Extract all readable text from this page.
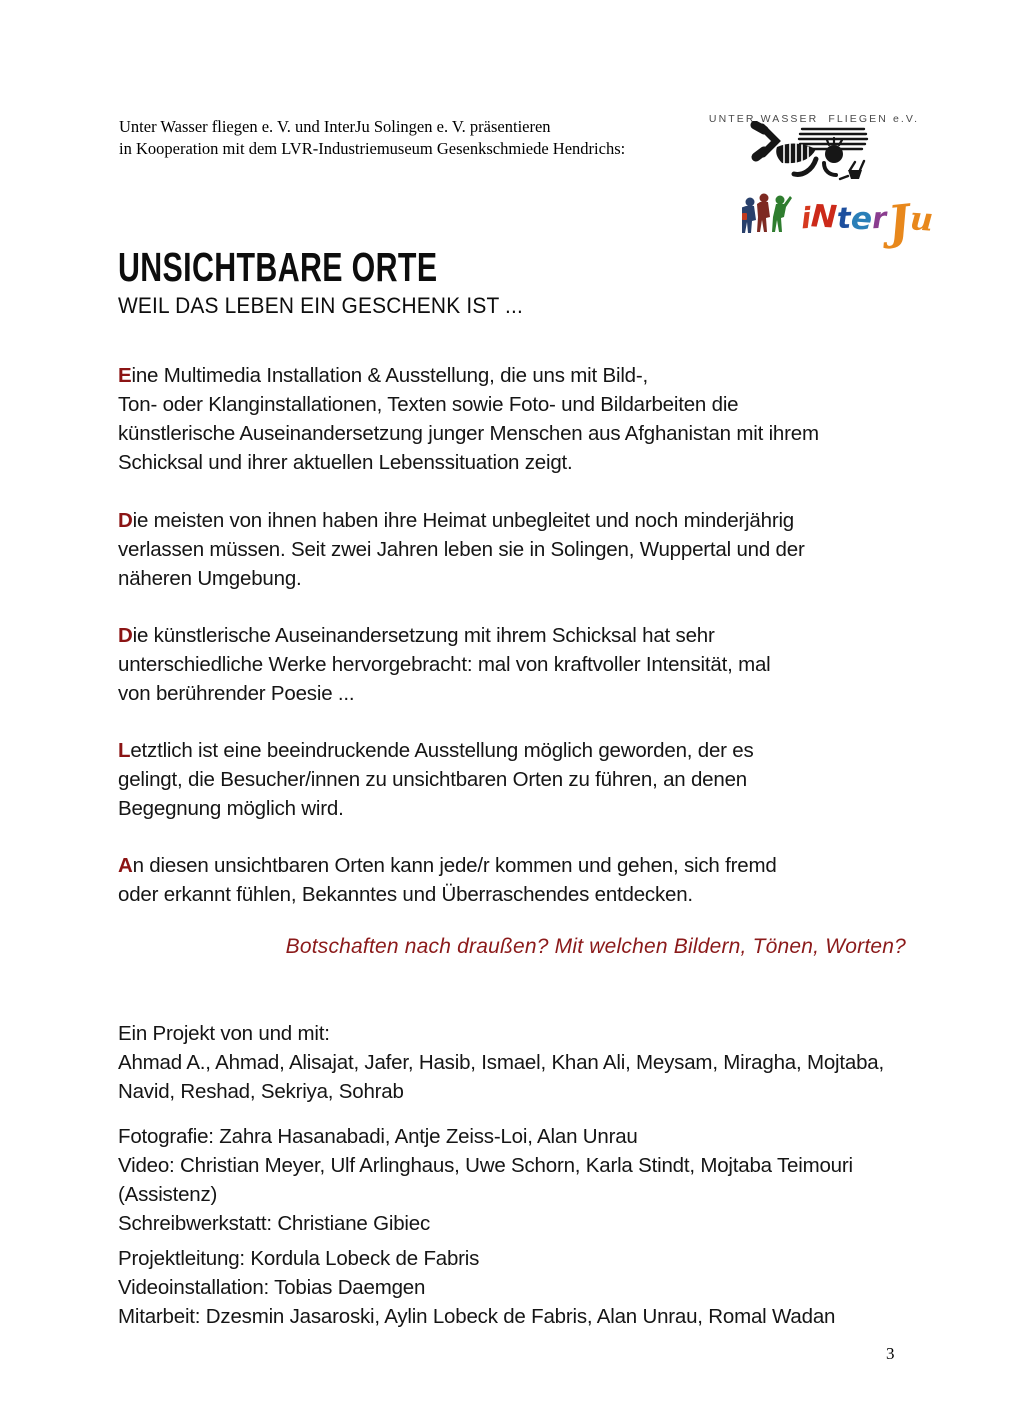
Unter Wasser fliegen e. V. und InterJu Solingen e. V. präsentieren
in Kooperation mit dem LVR-Industriemuseum Gesenkschmiede Hendrichs:
UNTER WASSER FLIEGEN e.V.
iNterJu
UNSICHTBARE ORTE
WEIL DAS LEBEN EIN GESCHENK IST ...
Eine Multimedia Installation & Ausstellung, die uns mit Bild-,
Ton- oder Klanginstallationen, Texten sowie Foto- und Bildarbeiten die
künstlerische Auseinandersetzung junger Menschen aus Afghanistan mit ihrem
Schicksal und ihrer aktuellen Lebenssituation zeigt.
Die meisten von ihnen haben ihre Heimat unbegleitet und noch minderjährig
verlassen müssen. Seit zwei Jahren leben sie in Solingen, Wuppertal und der
näheren Umgebung.
Die künstlerische Auseinandersetzung mit ihrem Schicksal hat sehr
unterschiedliche Werke hervorgebracht: mal von kraftvoller Intensität, mal
von berührender Poesie ...
Letztlich ist eine beeindruckende Ausstellung möglich geworden, der es
gelingt, die Besucher/innen zu unsichtbaren Orten zu führen, an denen
Begegnung möglich wird.
An diesen unsichtbaren Orten kann jede/r kommen und gehen, sich fremd
oder erkannt fühlen, Bekanntes und Überraschendes entdecken.
Botschaften nach draußen? Mit welchen Bildern, Tönen, Worten?
Ein Projekt von und mit:
Ahmad A., Ahmad, Alisajat, Jafer, Hasib, Ismael, Khan Ali, Meysam, Miragha, Mojtaba,
Navid, Reshad, Sekriya, Sohrab
Fotografie: Zahra Hasanabadi, Antje Zeiss-Loi, Alan Unrau
Video: Christian Meyer, Ulf Arlinghaus, Uwe Schorn, Karla Stindt, Mojtaba Teimouri
(Assistenz)
Schreibwerkstatt: Christiane Gibiec
Projektleitung: Kordula Lobeck de Fabris
Videoinstallation: Tobias Daemgen
Mitarbeit: Dzesmin Jasaroski, Aylin Lobeck de Fabris, Alan Unrau, Romal Wadan
3
